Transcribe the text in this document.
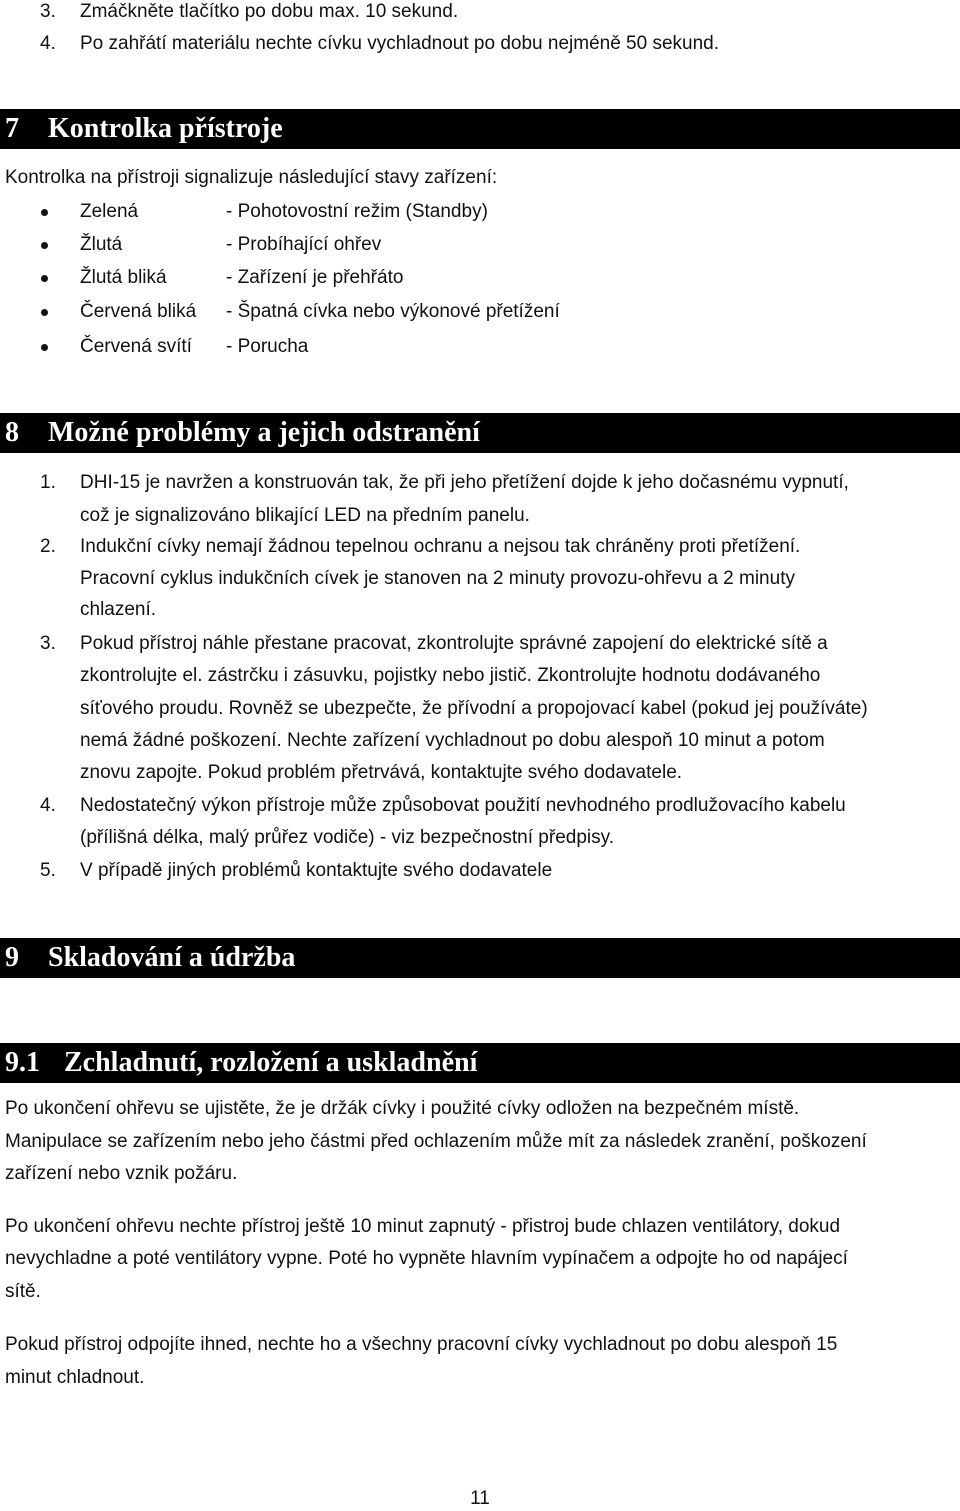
3. Zmáčkněte tlačítko po dobu max. 10 sekund.
4. Po zahřátí materiálu nechte cívku vychladnout po dobu nejméně 50 sekund.
7 Kontrolka přístroje
Kontrolka na přístroji signalizuje následující stavy zařízení:
Zelená	- Pohotovostní režim (Standby)
Žlutá	- Probíhající ohřev
Žlutá bliká	- Zařízení je přehřáto
Červená bliká - Špatná cívka nebo výkonové přetížení
Červená svítí - Porucha
8 Možné problémy a jejich odstranění
1. DHI-15 je navržen a konstruován tak, že při jeho přetížení dojde k jeho dočasnému vypnutí,
což je signalizováno blikající LED na předním panelu.
2. Indukční cívky nemají žádnou tepelnou ochranu a nejsou tak chráněny proti přetížení.
Pracovní cyklus indukčních cívek je stanoven na 2 minuty provozu-ohřevu a 2 minuty
chlazení.
3. Pokud přístroj náhle přestane pracovat, zkontrolujte správné zapojení do elektrické sítě a
zkontrolujte el. zástrčku i zásuvku, pojistky nebo jistič. Zkontrolujte hodnotu dodávaného
síťového proudu. Rovněž se ubezpečte, že přívodní a propojovací kabel (pokud jej používáte)
nemá žádné poškození. Nechte zařízení vychladnout po dobu alespoň 10 minut a potom
znovu zapojte. Pokud problém přetrvává, kontaktujte svého dodavatele.
4. Nedostatečný výkon přístroje může způsobovat použití nevhodného prodlužovacího kabelu
(přílišná délka, malý průřez vodiče) - viz bezpečnostní předpisy.
5. V případě jiných problémů kontaktujte svého dodavatele
9 Skladování a údržba
9.1 Zchladnutí, rozložení a uskladnění
Po ukončení ohřevu se ujistěte, že je držák cívky i použité cívky odložen na bezpečném místě.
Manipulace se zařízením nebo jeho částmi před ochlazením může mít za následek zranění, poškození
zařízení nebo vznik požáru.
Po ukončení ohřevu nechte přístroj ještě 10 minut zapnutý - přistroj bude chlazen ventilátory, dokud
nevychladne a poté ventilátory vypne. Poté ho vypněte hlavním vypínačem a odpojte ho od napájecí
sítě.
Pokud přístroj odpojíte ihned, nechte ho a všechny pracovní cívky vychladnout po dobu alespoň 15
minut chladnout.
11
